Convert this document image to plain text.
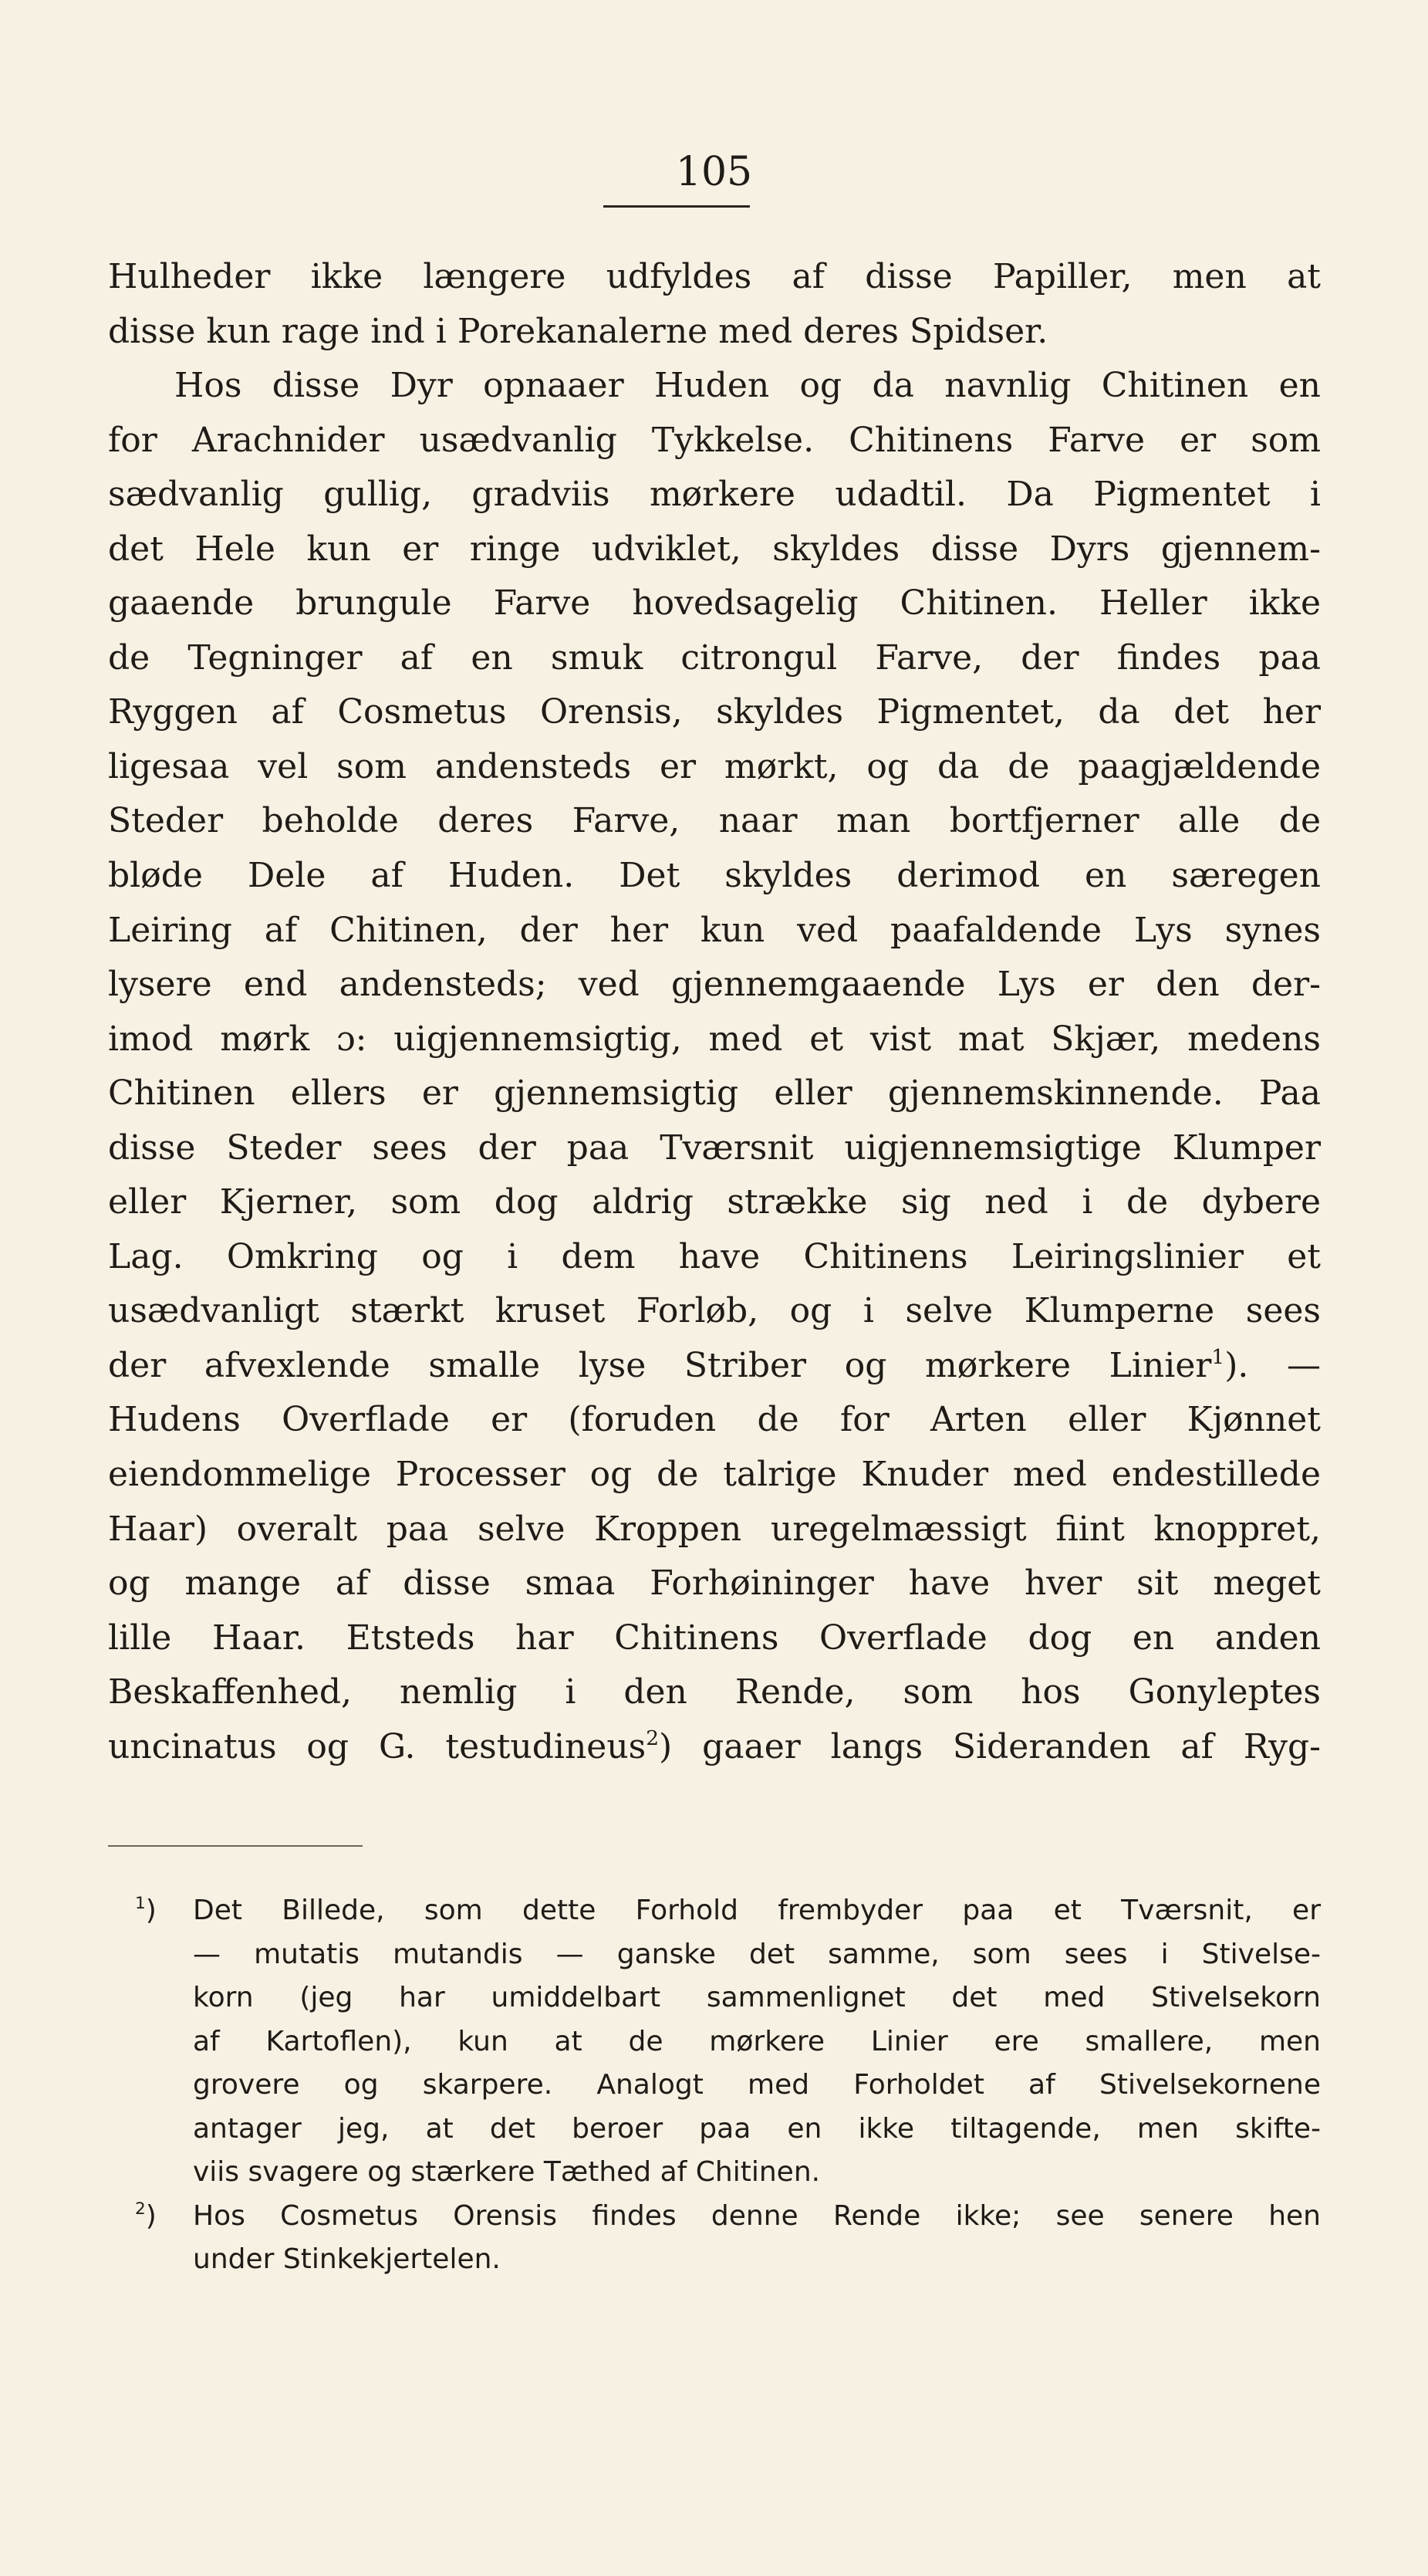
105
Hulheder ikke længere udfyldes af disse Papiller, men at
disse kun rage ind i Porekanalerne med deres Spidser.
Hos disse Dyr opnaaer Huden og da navnlig Chitinen en
for Arachnider usædvanlig Tykkelse. Chitinens Farve er som
sædvanlig gullig, gradviis mørkere udadtil. Da Pigmentet i
det Hele kun er ringe udviklet, skyldes disse Dyrs gjennem-
gaaende brungule Farve hovedsagelig Chitinen. Heller ikke
de Tegninger af en smuk citrongul Farve, der findes paa
Ryggen af Cosmetus Orensis, skyldes Pigmentet, da det her
ligesaa vel som andensteds er mørkt, og da de paagjældende
Steder beholde deres Farve, naar man bortfjerner alle de
bløde Dele af Huden. Det skyldes derimod en særegen
Leiring af Chitinen, der her kun ved paafaldende Lys synes
lysere end andensteds; ved gjennemgaaende Lys er den der-
imod mørk ɔ: uigjennemsigtig, med et vist mat Skjær, medens
Chitinen ellers er gjennemsigtig eller gjennemskinnende. Paa
disse Steder sees der paa Tværsnit uigjennemsigtige Klumper
eller Kjerner, som dog aldrig strække sig ned i de dybere
Lag. Omkring og i dem have Chitinens Leiringslinier et
usædvanligt stærkt kruset Forløb, og i selve Klumperne sees
der afvexlende smalle lyse Striber og mørkere Linier$^1$). —
Hudens Overflade er (foruden de for Arten eller Kjønnet
eiendommelige Processer og de talrige Knuder med endestillede
Haar) overalt paa selve Kroppen uregelmæssigt fiint knoppret,
og mange af disse smaa Forhøininger have hver sit meget
lille Haar. Etsteds har Chitinens Overflade dog en anden
Beskaffenhed, nemlig i den Rende, som hos Gonyleptes
uncinatus og G. testudineus$^2$) gaaer langs Sideranden af Ryg-
$^1$) Det Billede, som dette Forhold frembyder paa et Tværsnit, er
— mutatis mutandis — ganske det samme, som sees i Stivelse-
korn (jeg har umiddelbart sammenlignet det med Stivelsekorn
af Kartoflen), kun at de mørkere Linier ere smallere, men
grovere og skarpere. Analogt med Forholdet af Stivelsekornene
antager jeg, at det beroer paa en ikke tiltagende, men skifte-
viis svagere og stærkere Tæthed af Chitinen.
$^2$) Hos Cosmetus Orensis findes denne Rende ikke; see senere hen
under Stinkekjertelen.
